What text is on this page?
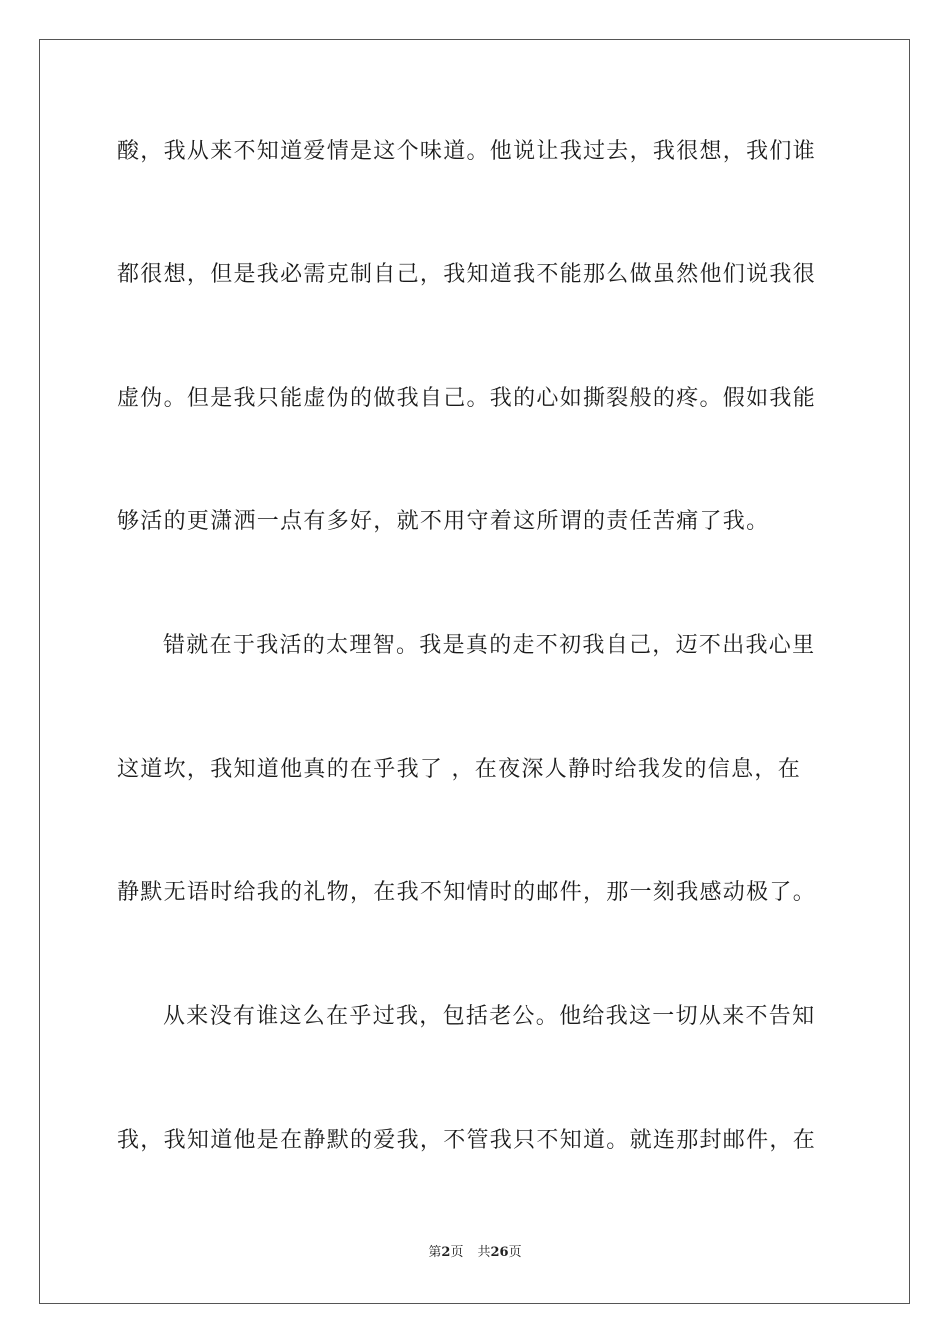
酸，我从来不知道爱情是这个味道。他说让我过去，我很想，我们谁
都很想，但是我必需克制自己，我知道我不能那么做虽然他们说我很
虚伪。但是我只能虚伪的做我自己。我的心如撕裂般的疼。假如我能
够活的更潇洒一点有多好，就不用守着这所谓的责任苦痛了我。
错就在于我活的太理智。我是真的走不初我自己，迈不出我心里
这道坎，我知道他真的在乎我了 ，在夜深人静时给我发的信息，在
静默无语时给我的礼物，在我不知情时的邮件，那一刻我感动极了。
从来没有谁这么在乎过我，包括老公。他给我这一切从来不告知
我，我知道他是在静默的爱我，不管我只不知道。就连那封邮件，在
第2页 共26页
